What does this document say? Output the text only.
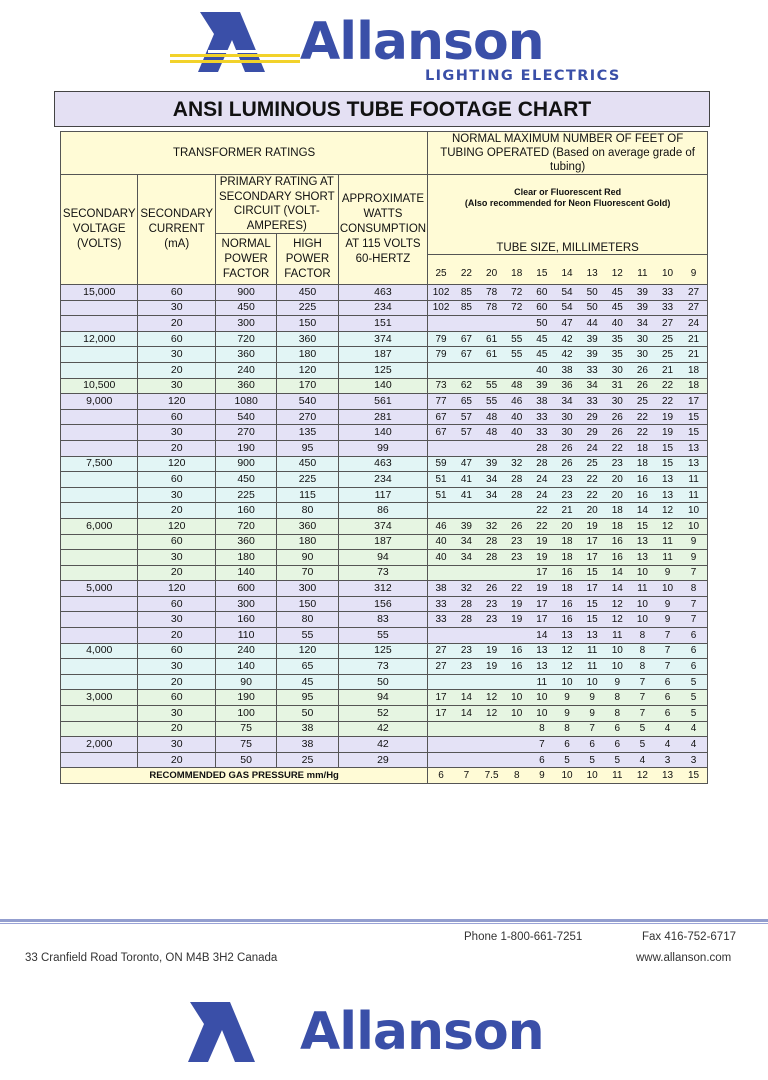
Allanson
LIGHTING ELECTRICS
ANSI LUMINOUS TUBE FOOTAGE CHART
TRANSFORMER RATINGS					NORMAL MAXIMUM NUMBER OF FEET OF TUBING OPERATED (Based on average grade of tubing)										
SECONDARY VOLTAGE (VOLTS)	SECONDARY CURRENT (mA)	PRIMARY RATING AT SECONDARY SHORT CIRCUIT (VOLT-AMPERES)		APPROXIMATE WATTS CONSUMPTION AT 115 VOLTS 60-HERTZ	Clear or Fluorescent Red
(Also recommended for Neon Fluorescent Gold)
TUBE SIZE, MILLIMETERS										

		NORMAL POWER FACTOR	HIGH POWER FACTOR												
					25	22	20	18	15	14	13	12	11	10	9
15,000	60	900	450	463	102	85	78	72	60	54	50	45	39	33	27
	30	450	225	234	102	85	78	72	60	54	50	45	39	33	27
	20	300	150	151					50	47	44	40	34	27	24
12,000	60	720	360	374	79	67	61	55	45	42	39	35	30	25	21
	30	360	180	187	79	67	61	55	45	42	39	35	30	25	21
	20	240	120	125					40	38	33	30	26	21	18
10,500	30	360	170	140	73	62	55	48	39	36	34	31	26	22	18
9,000	120	1080	540	561	77	65	55	46	38	34	33	30	25	22	17
	60	540	270	281	67	57	48	40	33	30	29	26	22	19	15
	30	270	135	140	67	57	48	40	33	30	29	26	22	19	15
	20	190	95	99					28	26	24	22	18	15	13
7,500	120	900	450	463	59	47	39	32	28	26	25	23	18	15	13
	60	450	225	234	51	41	34	28	24	23	22	20	16	13	11
	30	225	115	117	51	41	34	28	24	23	22	20	16	13	11
	20	160	80	86					22	21	20	18	14	12	10
6,000	120	720	360	374	46	39	32	26	22	20	19	18	15	12	10
	60	360	180	187	40	34	28	23	19	18	17	16	13	11	9
	30	180	90	94	40	34	28	23	19	18	17	16	13	11	9
	20	140	70	73					17	16	15	14	10	9	7
5,000	120	600	300	312	38	32	26	22	19	18	17	14	11	10	8
	60	300	150	156	33	28	23	19	17	16	15	12	10	9	7
	30	160	80	83	33	28	23	19	17	16	15	12	10	9	7
	20	110	55	55					14	13	13	11	8	7	6
4,000	60	240	120	125	27	23	19	16	13	12	11	10	8	7	6
	30	140	65	73	27	23	19	16	13	12	11	10	8	7	6
	20	90	45	50					11	10	10	9	7	6	5
3,000	60	190	95	94	17	14	12	10	10	9	9	8	7	6	5
	30	100	50	52	17	14	12	10	10	9	9	8	7	6	5
	20	75	38	42					8	8	7	6	5	4	4
2,000	30	75	38	42					7	6	6	6	5	4	4
	20	50	25	29					6	5	5	5	4	3	3
RECOMMENDED GAS PRESSURE mm/Hg					6	7	7.5	8	9	10	10	11	12	13	15
Phone 1-800-661-7251	Fax 416-752-6717
33 Cranfield Road Toronto, ON M4B 3H2 Canada	www.allanson.com
Allanson
